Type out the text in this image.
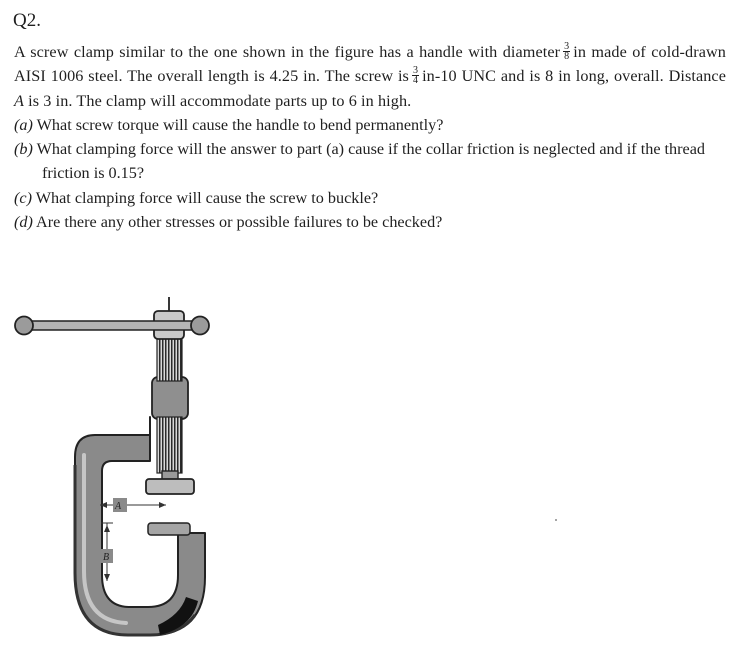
Q2.

A screw clamp similar to the one shown in the figure has a handle with diameter $\frac{3}{8}$ in made of cold-drawn AISI 1006 steel. The overall length is 4.25 in. The screw is $\frac{3}{4} in-10$ UNC and is 8 in long, overall. Distance A is 3 in. The clamp will accommodate parts up to 6 in high.

(a) What screw torque will cause the handle to bend permanently?

(b) What clamping force will the answer to part (a) cause if the collar friction is neglected and if the thread friction is 0.15?

(c) What clamping force will cause the screw to buckle?

(d) Are there any other stresses or possible failures to be checked?

A
B
